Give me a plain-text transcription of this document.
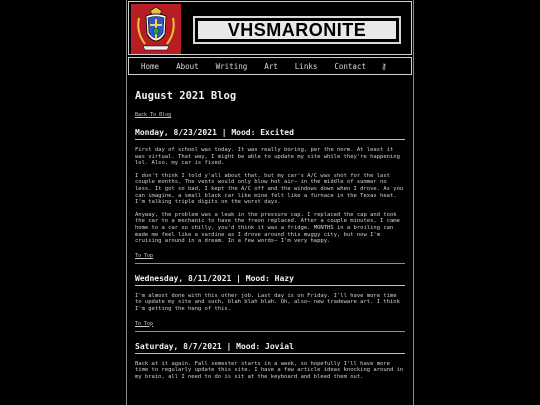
VHSMARONITE
Home About Writing Art Links Contact ⚷
August 2021 Blog
Back To Blog
Monday, 8/23/2021 | Mood: Excited

First day of school was today. It was really boring, per the norm. At least it was virtual. That way, I might be able to update my site while they're happening lol. Also, my car is fixed.

I don't think I told y'all about that, but my car's A/C was shot for the last couple months. The vents would only blow hot air— in the middle of summer no less. It got so bad, I kept the A/C off and the windows down when I drove. As you can imagine, a small black car like mine felt like a furnace in the Texas heat. I'm talking triple digits on the worst days.

Anyway, the problem was a leak in the pressure cap. I replaced the cap and took the car to a mechanic to have the freon replaced. After a couple minutes, I came home to a car so chilly, you'd think it was a fridge. MONTHS in a broiling can made me feel like a sardine as I drove around this muggy city, but now I'm cruising around in a dream. In a few words— I'm very happy.

To Top
Wednesday, 8/11/2021 | Mood: Hazy

I'm almost done with this other job. Last day is on Friday. I'll have more time to update my site and such, blah blah blah. Oh, also— new tradeware art. I think I'm getting the hang of this.

To Top
Saturday, 8/7/2021 | Mood: Jovial

Back at it again. Fall semester starts in a week, so hopefully I'll have more time to regularly update this site. I have a few article ideas knocking around in my brain, all I need to do is sit at the keyboard and bleed them out.
